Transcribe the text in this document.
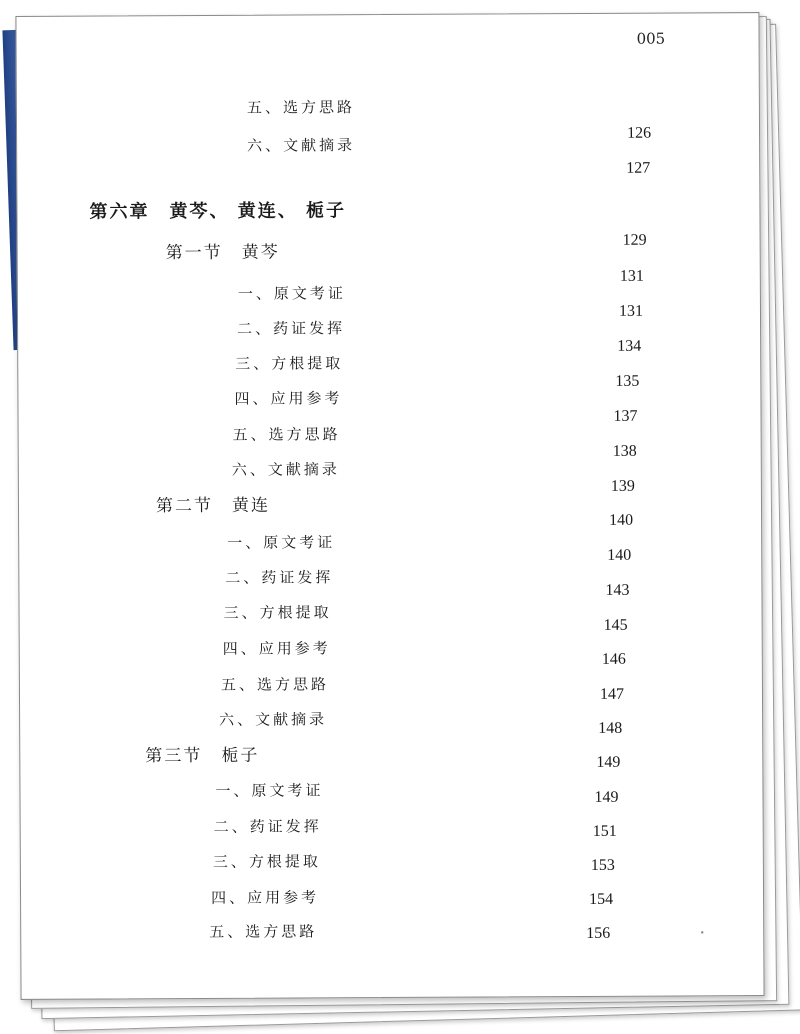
005
五、选方思路
六、文献摘录
第六章　黄芩、 黄连、 栀子
第一节　黄芩
一、原文考证
二、药证发挥
三、方根提取
四、应用参考
五、选方思路
六、文献摘录
第二节　黄连
一、原文考证
二、药证发挥
三、方根提取
四、应用参考
五、选方思路
六、文献摘录
第三节　栀子
一、原文考证
二、药证发挥
三、方根提取
四、应用参考
五、选方思路
126
127
129
131
131
134
135
137
138
139
140
140
143
145
146
147
148
149
149
151
153
154
156
